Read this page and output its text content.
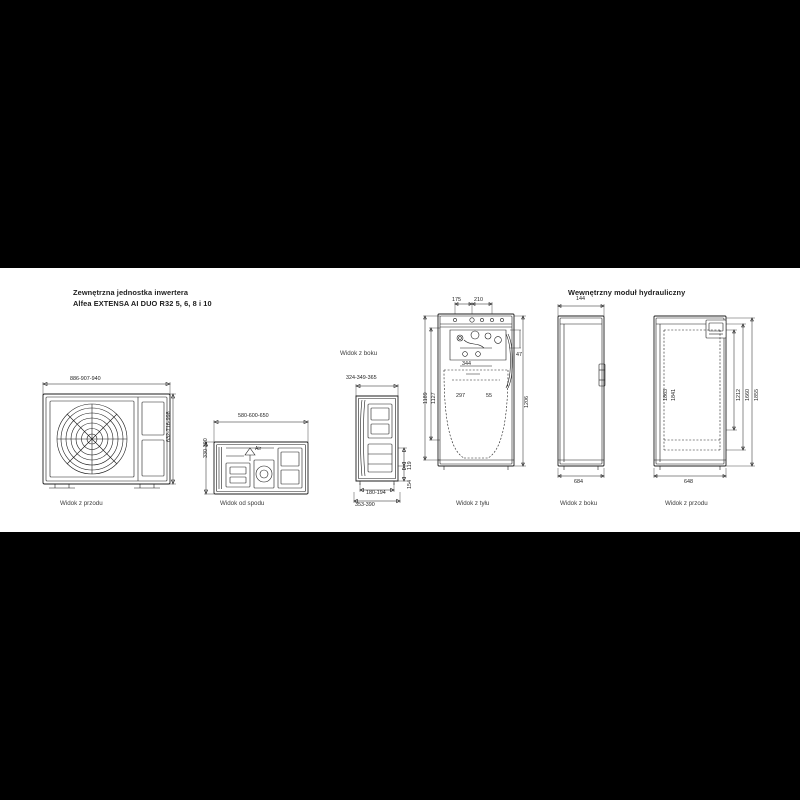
Zewnętrzna jednostka inwertera
Alfea EXTENSA AI DUO R32 5, 6, 8 i 10
886-907-940
632-716-998
Widok z przodu
580-600-650
330-390	Air
Widok od spodu
Widok z boku
324-349-365
119
154
180-194
353-390
Wewnętrzny moduł hydrauliczny
175 210
344
47
297	55
1189 1127	1206
Widok z tyłu
144
684
Widok z boku
1863 1841	1212 1660 1855
648
Widok z przodu
